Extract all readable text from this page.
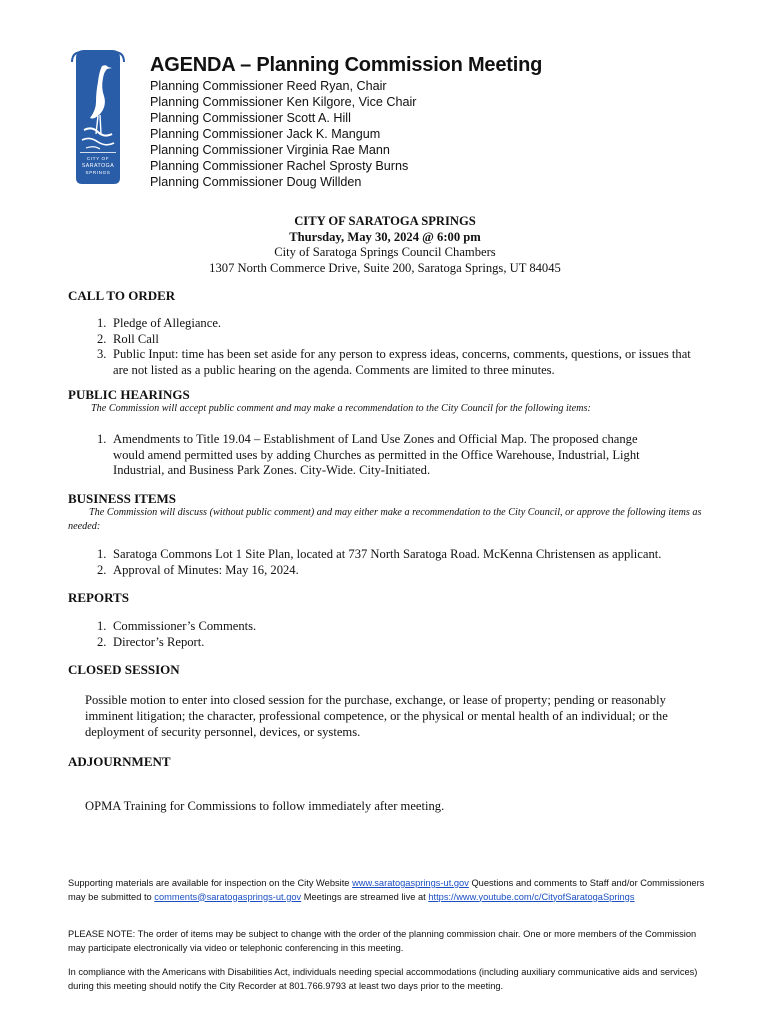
CITY OF
SARATOGA
SPRINGS
AGENDA – Planning Commission Meeting
Planning Commissioner Reed Ryan, Chair
Planning Commissioner Ken Kilgore, Vice Chair
Planning Commissioner Scott A. Hill
Planning Commissioner Jack K. Mangum
Planning Commissioner Virginia Rae Mann
Planning Commissioner Rachel Sprosty Burns
Planning Commissioner Doug Willden
CITY OF SARATOGA SPRINGS
Thursday, May 30, 2024 @ 6:00 pm
City of Saratoga Springs Council Chambers
1307 North Commerce Drive, Suite 200, Saratoga Springs, UT 84045
CALL TO ORDER
1. Pledge of Allegiance.
2. Roll Call
3. Public Input: time has been set aside for any person to express ideas, concerns, comments, questions, or issues that are not listed as a public hearing on the agenda. Comments are limited to three minutes.
PUBLIC HEARINGS

The Commission will accept public comment and may make a recommendation to the City Council for the following items:

1. Amendments to Title 19.04 – Establishment of Land Use Zones and Official Map. The proposed change would amend permitted uses by adding Churches as permitted in the Office Warehouse, Industrial, Light Industrial, and Business Park Zones. City-Wide. City-Initiated.
BUSINESS ITEMS

The Commission will discuss (without public comment) and may either make a recommendation to the City Council, or approve the following items as needed:

1. Saratoga Commons Lot 1 Site Plan, located at 737 North Saratoga Road. McKenna Christensen as applicant.
2. Approval of Minutes: May 16, 2024.
REPORTS
1. Commissioner’s Comments.
2. Director’s Report.
CLOSED SESSION

Possible motion to enter into closed session for the purchase, exchange, or lease of property; pending or reasonably imminent litigation; the character, professional competence, or the physical or mental health of an individual; or the deployment of security personnel, devices, or systems.

ADJOURNMENT

OPMA Training for Commissions to follow immediately after meeting.

Supporting materials are available for inspection on the City Website www.saratogasprings-ut.gov Questions and comments to Staff and/or Commissioners may be submitted to comments@saratogasprings-ut.gov Meetings are streamed live at https://www.youtube.com/c/CityofSaratogaSprings

PLEASE NOTE: The order of items may be subject to change with the order of the planning commission chair. One or more members of the Commission may participate electronically via video or telephonic conferencing in this meeting.

In compliance with the Americans with Disabilities Act, individuals needing special accommodations (including auxiliary communicative aids and services) during this meeting should notify the City Recorder at 801.766.9793 at least two days prior to the meeting.
